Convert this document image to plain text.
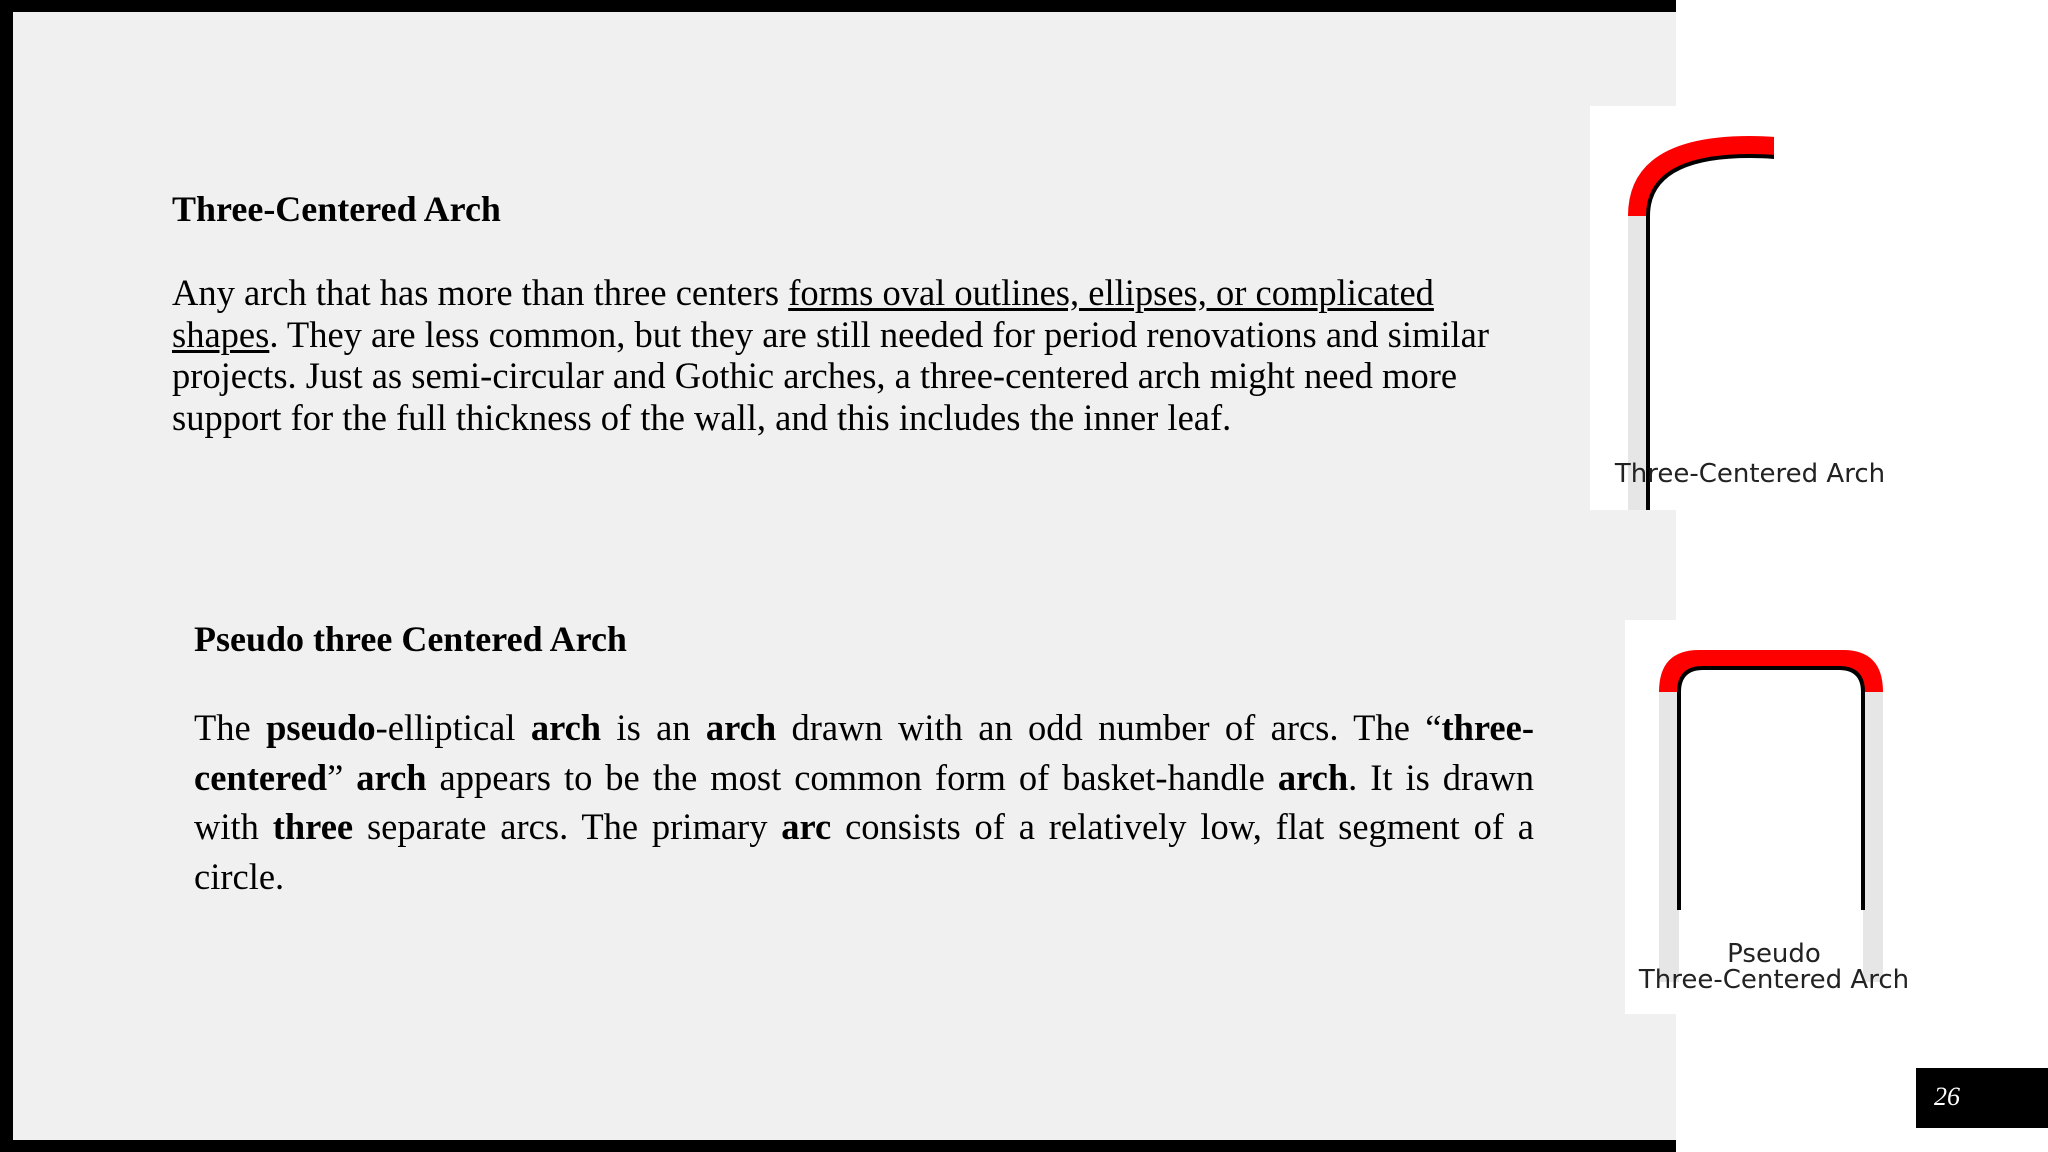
Three-Centered Arch

Any arch that has more than three centers forms oval outlines, ellipses, or complicated shapes. They are less common, but they are still needed for period renovations and similar projects. Just as semi-circular and Gothic arches, a three-centered arch might need more support for the full thickness of the wall, and this includes the inner leaf.

Pseudo three Centered Arch

The pseudo-elliptical arch is an arch drawn with an odd number of arcs. The “three-centered” arch appears to be the most common form of basket-handle arch. It is drawn with three separate arcs. The primary arc consists of a relatively low, flat segment of a circle.

Three-Centered Arch
Pseudo
Three-Centered Arch
26
